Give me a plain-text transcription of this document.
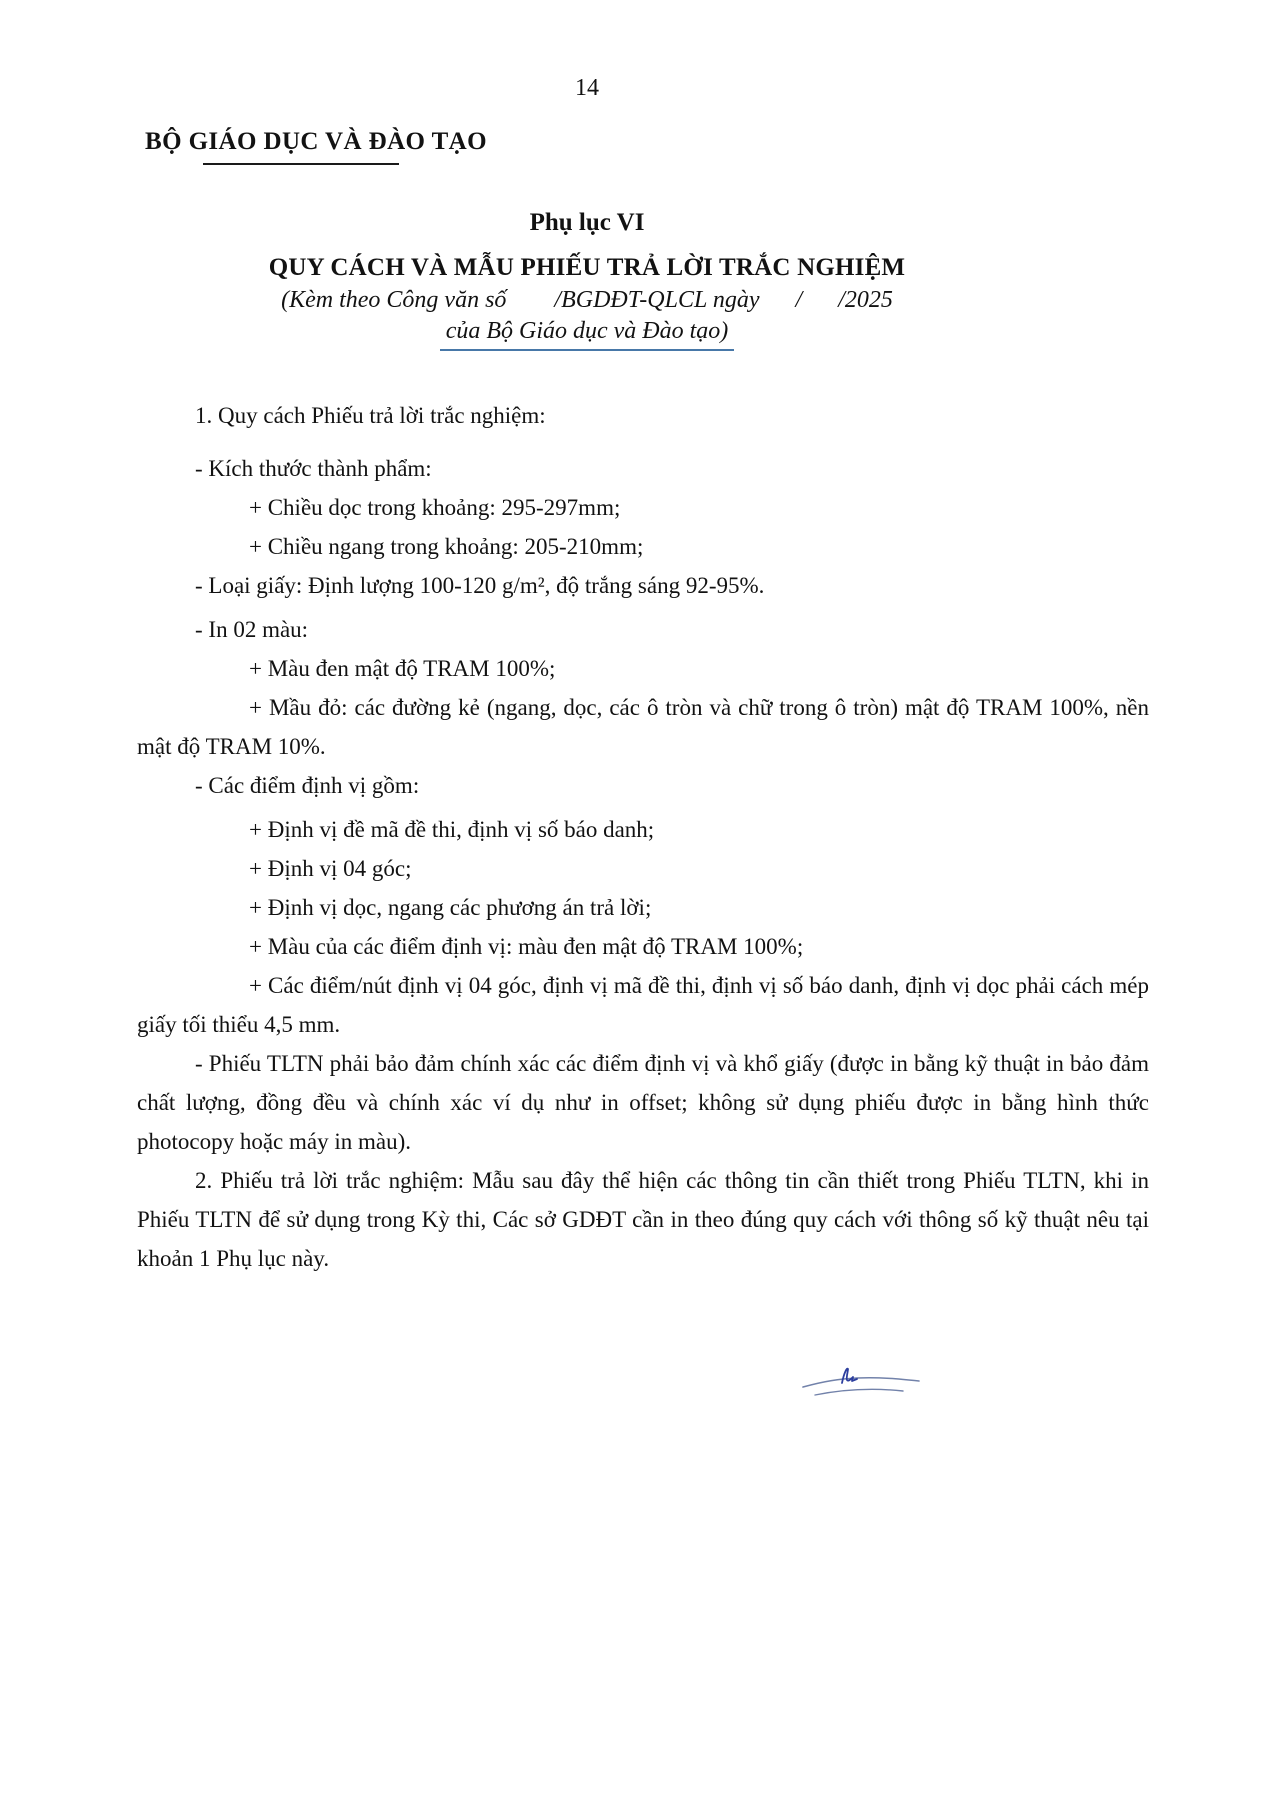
14
BỘ GIÁO DỤC VÀ ĐÀO TẠO

Phụ lục VI

QUY CÁCH VÀ MẪU PHIẾU TRẢ LỜI TRẮC NGHIỆM

(Kèm theo Công văn số        /BGDĐT-QLCL ngày      /      /2025

của Bộ Giáo dục và Đào tạo)

1. Quy cách Phiếu trả lời trắc nghiệm:

- Kích thước thành phẩm:

+ Chiều dọc trong khoảng: 295-297mm;

+ Chiều ngang trong khoảng: 205-210mm;

- Loại giấy: Định lượng 100-120 g/m², độ trắng sáng 92-95%.

- In 02 màu:

+ Màu đen mật độ TRAM 100%;

+ Mầu đỏ: các đường kẻ (ngang, dọc, các ô tròn và chữ trong ô tròn) mật độ TRAM 100%, nền mật độ TRAM 10%.

- Các điểm định vị gồm:

+ Định vị đề mã đề thi, định vị số báo danh;

+ Định vị 04 góc;

+ Định vị dọc, ngang các phương án trả lời;

+ Màu của các điểm định vị: màu đen mật độ TRAM 100%;

+ Các điểm/nút định vị 04 góc, định vị mã đề thi, định vị số báo danh, định vị dọc phải cách mép giấy tối thiểu 4,5 mm.

- Phiếu TLTN phải bảo đảm chính xác các điểm định vị và khổ giấy (được in bằng kỹ thuật in bảo đảm chất lượng, đồng đều và chính xác ví dụ như in offset; không sử dụng phiếu được in bằng hình thức photocopy hoặc máy in màu).

2. Phiếu trả lời trắc nghiệm: Mẫu sau đây thể hiện các thông tin cần thiết trong Phiếu TLTN, khi in Phiếu TLTN để sử dụng trong Kỳ thi, Các sở GDĐT cần in theo đúng quy cách với thông số kỹ thuật nêu tại khoản 1 Phụ lục này.
